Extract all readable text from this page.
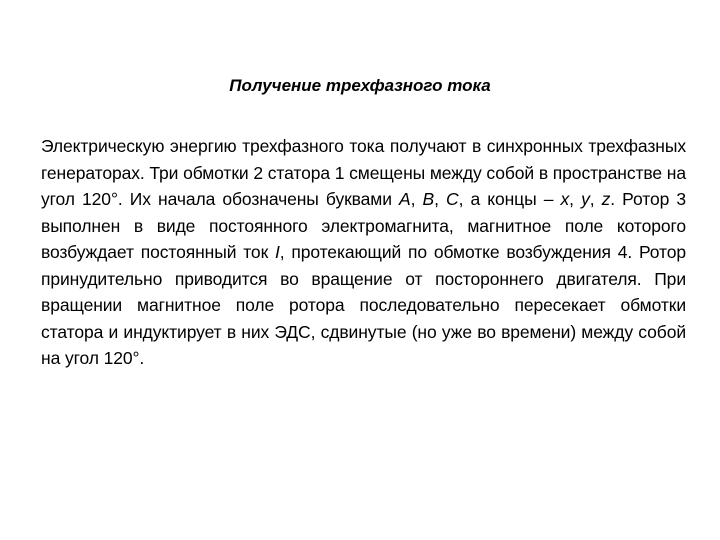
Получение трехфазного тока
Электрическую энергию трехфазного тока получают в синхронных трехфазных генераторах. Три обмотки 2 статора 1 смещены между собой в пространстве на угол 120°. Их начала обозначены буквами A, B, C, а концы – x, y, z. Ротор 3 выполнен в виде постоянного электромагнита, магнитное поле которого возбуждает постоянный ток I, протекающий по обмотке возбуждения 4. Ротор принудительно приводится во вращение от постороннего двигателя. При вращении магнитное поле ротора последовательно пересекает обмотки статора и индуктирует в них ЭДС, сдвинутые (но уже во времени) между собой на угол 120°.
